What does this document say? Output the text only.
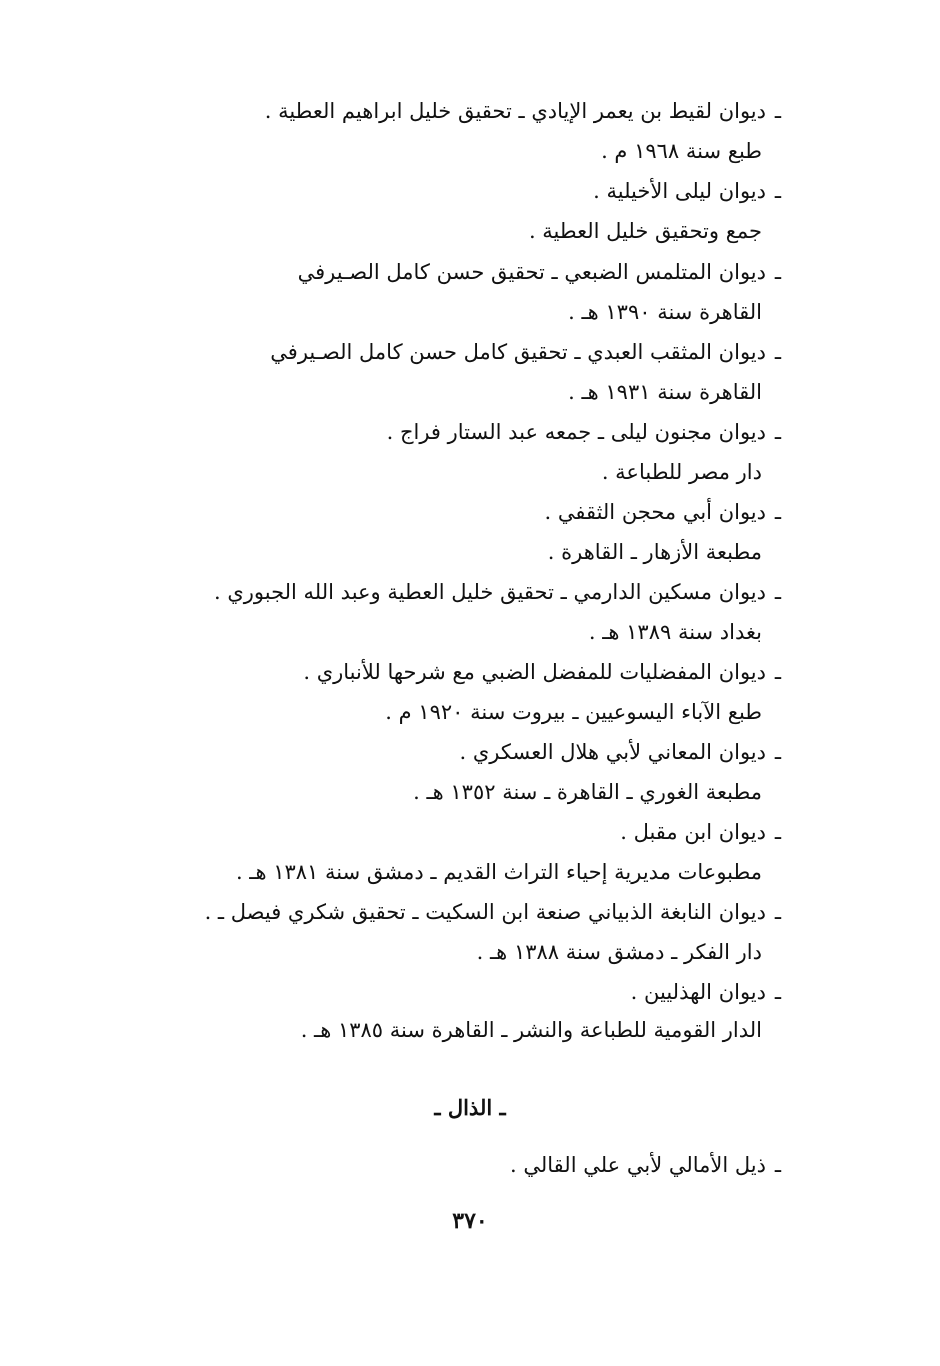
ـديوان لقيط بن يعمر الإيادي ـ تحقيق خليل ابراهيم العطية .
طبع سنة ١٩٦٨ م .
ـديوان ليلى الأخيلية .
جمع وتحقيق خليل العطية .
ـديوان المتلمس الضبعي ـ تحقيق حسن كامل الصـيرفي
القاهرة سنة ١٣٩٠ هـ .
ـديوان المثقب العبدي ـ تحقيق كامل حسن كامل الصـيرفي
القاهرة سنة ١٩٣١ هـ .
ـديوان مجنون ليلى ـ جمعه عبد الستار فراج .
دار مصر للطباعة .
ـديوان أبي محجن الثقفي .
مطبعة الأزهار ـ القاهرة .
ـديوان مسكين الدارمي ـ تحقيق خليل العطية وعبد الله الجبوري .
بغداد سنة ١٣٨٩ هـ .
ـديوان المفضليات للمفضل الضبي مع شرحها للأنباري .
طبع الآباء اليسوعيين ـ بيروت سنة ١٩٢٠ م .
ـديوان المعاني لأبي هلال العسكري .
مطبعة الغوري ـ القاهرة ـ سنة ١٣٥٢ هـ .
ـديوان ابن مقبل .
مطبوعات مديرية إحياء التراث القديم ـ دمشق سنة ١٣٨١ هـ .
ـديوان النابغة الذبياني صنعة ابن السكيت ـ تحقيق شكري فيصل ـ .
دار الفكر ـ دمشق سنة ١٣٨٨ هـ .
ـديوان الهذليين .
الدار القومية للطباعة والنشر ـ القاهرة سنة ١٣٨٥ هـ .
ـ الذال ـ
ـذيل الأمالي لأبي علي القالي .
٣٧٠
